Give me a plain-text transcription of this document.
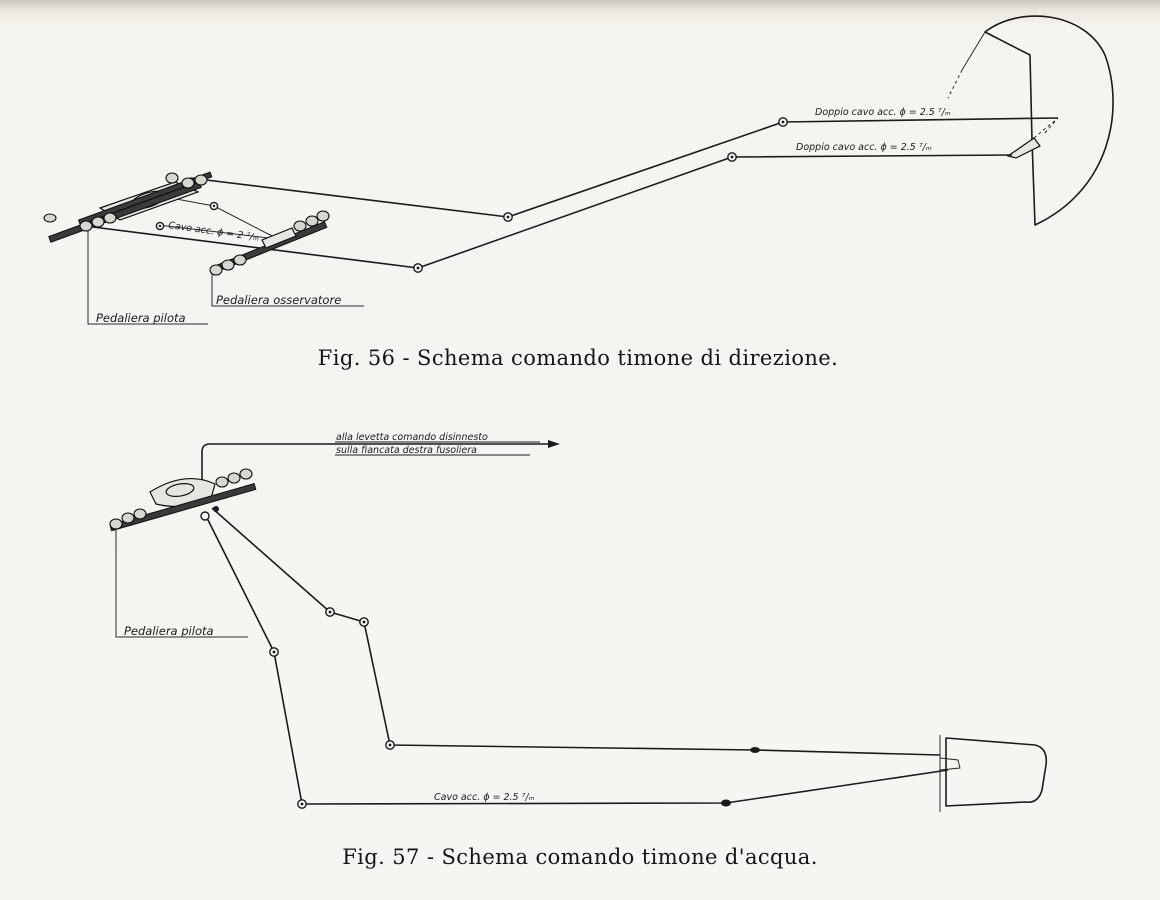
Pedaliera pilota
Pedaliera osservatore
Cavo acc. ϕ = 2 ⁷/ₘ
Doppio cavo acc. ϕ = 2.5 ⁷/ₘ
Doppio cavo acc. ϕ = 2.5 ⁷/ₘ
alla levetta comando disinnesto
sulla fiancata destra fusoliera
Pedaliera pilota
Cavo acc. ϕ = 2.5 ⁷/ₘ

Fig. 56 - Schema comando timone di direzione.

Fig. 57 - Schema comando timone d'acqua.
